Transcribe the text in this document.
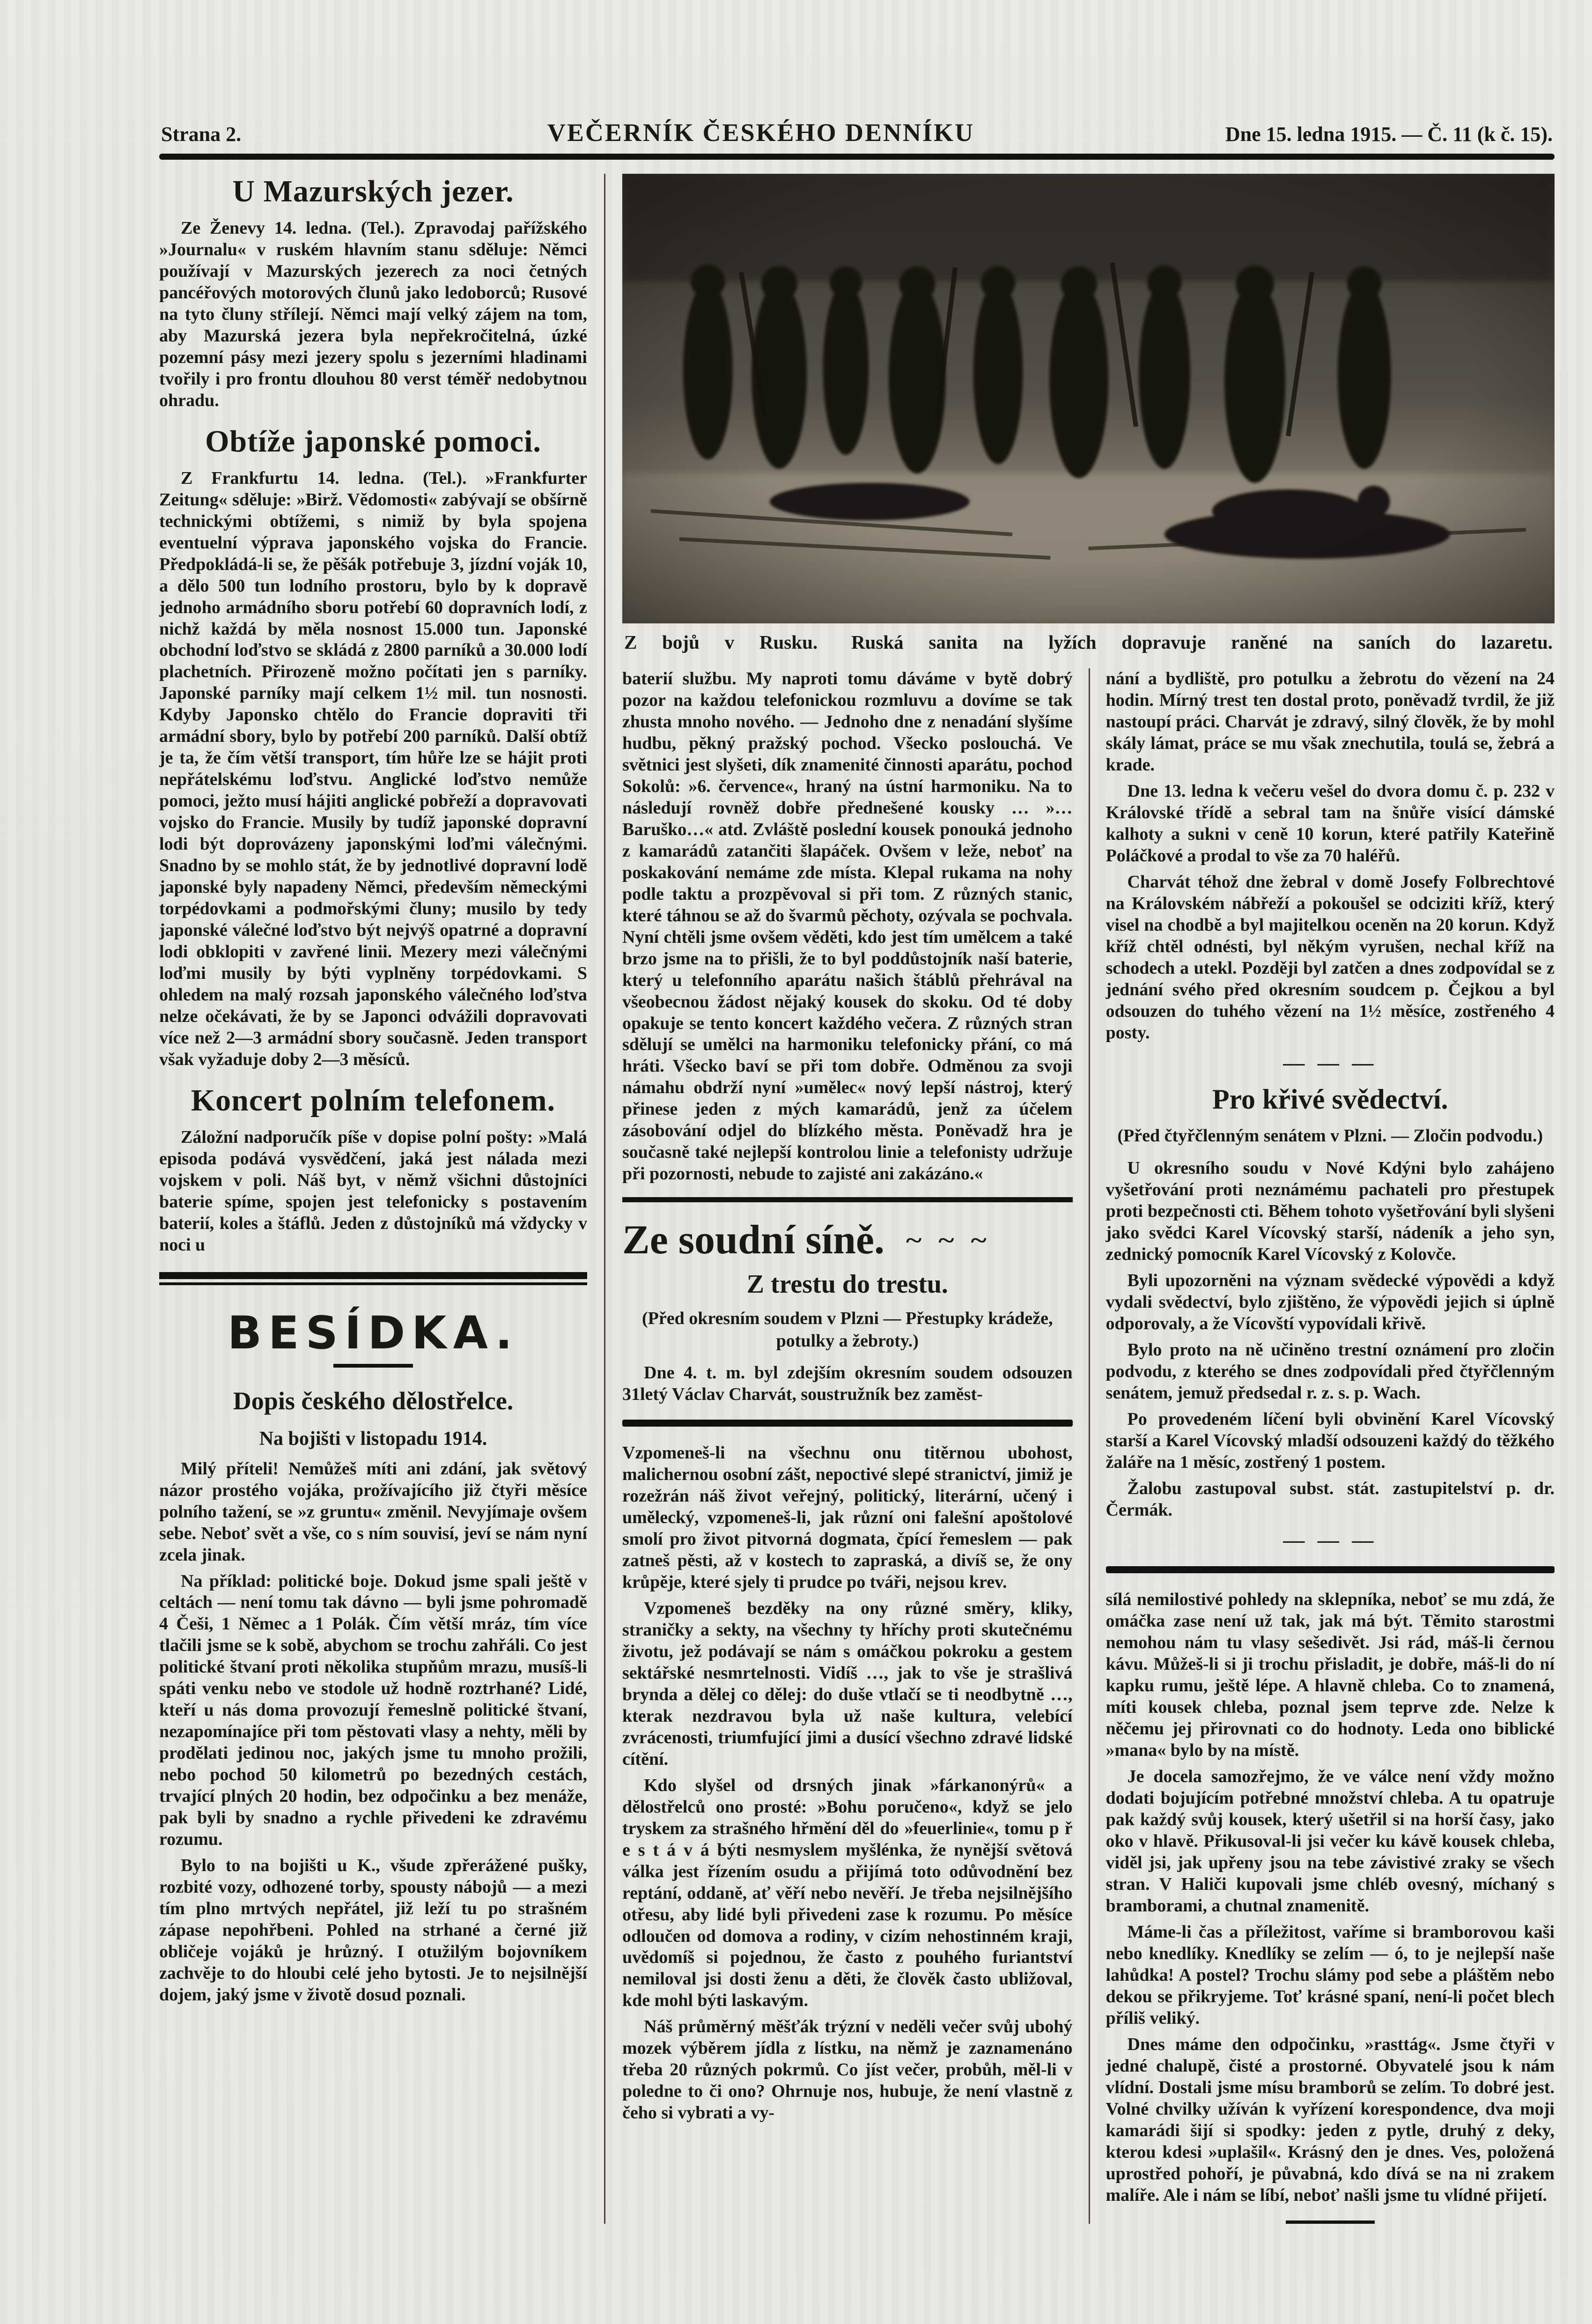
Strana 2.	VEČERNÍK ČESKÉHO DENNÍKU	Dne 15. ledna 1915. — Č. 11 (k č. 15).
U Mazurských jezer.

Ze Ženevy 14. ledna. (Tel.). Zpravodaj pařížského »Journalu« v ruském hlavním stanu sděluje: Němci používají v Mazurských jezerech za noci četných pancéřových motorových člunů jako ledoborců; Rusové na tyto čluny střílejí. Němci mají velký zájem na tom, aby Mazurská jezera byla nepřekročitelná, úzké pozemní pásy mezi jezery spolu s jezerními hladinami tvořily i pro frontu dlouhou 80 verst téměř nedobytnou ohradu.

Obtíže japonské pomoci.

Z Frankfurtu 14. ledna. (Tel.). »Frankfurter Zeitung« sděluje: »Birž. Vědomosti« zabývají se obšírně technickými obtížemi, s nimiž by byla spojena eventuelní výprava japonského vojska do Francie. Předpokládá-li se, že pěšák potřebuje 3, jízdní voják 10, a dělo 500 tun lodního prostoru, bylo by k dopravě jednoho armádního sboru potřebí 60 dopravních lodí, z nichž každá by měla nosnost 15.000 tun. Japonské obchodní loďstvo se skládá z 2800 parníků a 30.000 lodí plachetních. Přirozeně možno počítati jen s parníky. Japonské parníky mají celkem 1½ mil. tun nosnosti. Kdyby Japonsko chtělo do Francie dopraviti tři armádní sbory, bylo by potřebí 200 parníků. Další obtíž je ta, že čím větší transport, tím hůře lze se hájit proti nepřátelskému loďstvu. Anglické loďstvo nemůže pomoci, ježto musí hájiti anglické pobřeží a dopravovati vojsko do Francie. Musily by tudíž japonské dopravní lodi být doprovázeny japonskými loďmi válečnými. Snadno by se mohlo stát, že by jednotlivé dopravní lodě japonské byly napadeny Němci, především německými torpédovkami a podmořskými čluny; musilo by tedy japonské válečné loďstvo být nejvýš opatrné a dopravní lodi obklopiti v zavřené linii. Mezery mezi válečnými loďmi musily by býti vyplněny torpédovkami. S ohledem na malý rozsah japonského válečného loďstva nelze očekávati, že by se Japonci odvážili dopravovati více než 2—3 armádní sbory současně. Jeden transport však vyžaduje doby 2—3 měsíců.

Koncert polním telefonem.

Záložní nadporučík píše v dopise polní pošty: »Malá episoda podává vysvědčení, jaká jest nálada mezi vojskem v poli. Náš byt, v němž všichni důstojníci baterie spíme, spojen jest telefonicky s postavením baterií, koles a štáflů. Jeden z důstojníků má vždycky v noci u

BESÍDKA.
Dopis českého dělostřelce.
Na bojišti v listopadu 1914.

Milý příteli! Nemůžeš míti ani zdání, jak světový názor prostého vojáka, prožívajícího již čtyři měsíce polního tažení, se »z gruntu« změnil. Nevyjímaje ovšem sebe. Neboť svět a vše, co s ním souvisí, jeví se nám nyní zcela jinak.

Na příklad: politické boje. Dokud jsme spali ještě v celtách — není tomu tak dávno — byli jsme pohromadě 4 Češi, 1 Němec a 1 Polák. Čím větší mráz, tím více tlačili jsme se k sobě, abychom se trochu zahřáli. Co jest politické štvaní proti několika stupňům mrazu, musíš-li spáti venku nebo ve stodole už hodně roztrhané? Lidé, kteří u nás doma provozují řemeslně politické štvaní, nezapomínajíce při tom pěstovati vlasy a nehty, měli by prodělati jedinou noc, jakých jsme tu mnoho prožili, nebo pochod 50 kilometrů po bezedných cestách, trvající plných 20 hodin, bez odpočinku a bez menáže, pak byli by snadno a rychle přivedeni ke zdravému rozumu.

Bylo to na bojišti u K., všude zpřerážené pušky, rozbité vozy, odhozené torby, spousty nábojů — a mezi tím plno mrtvých nepřátel, již leží tu po strašném zápase nepohřbeni. Pohled na strhané a černé již obličeje vojáků je hrůzný. I otužilým bojovníkem zachvěje to do hloubi celé jeho bytosti. Je to nejsilnější dojem, jaký jsme v životě dosud poznali.

Z bojů v Rusku. Ruská sanita na lyžích dopravuje raněné na saních do lazaretu.

baterií službu. My naproti tomu dáváme v bytě dobrý pozor na každou telefonickou rozmluvu a dovíme se tak zhusta mnoho nového. — Jednoho dne z nenadání slyšíme hudbu, pěkný pražský pochod. Všecko poslouchá. Ve světnici jest slyšeti, dík znamenité činnosti aparátu, pochod Sokolů: »6. července«, hraný na ústní harmoniku. Na to následují rovněž dobře přednešené kousky … »… Baruško…« atd. Zvláště poslední kousek ponouká jednoho z kamarádů zatančiti šlapáček. Ovšem v leže, neboť na poskakování nemáme zde místa. Klepal rukama na nohy podle taktu a prozpěvoval si při tom. Z různých stanic, které táhnou se až do švarmů pěchoty, ozývala se pochvala. Nyní chtěli jsme ovšem věděti, kdo jest tím umělcem a také brzo jsme na to přišli, že to byl poddůstojník naší baterie, který u telefonního aparátu našich štáblů přehrával na všeobecnou žádost nějaký kousek do skoku. Od té doby opakuje se tento koncert každého večera. Z různých stran sdělují se umělci na harmoniku telefonicky přání, co má hráti. Všecko baví se při tom dobře. Odměnou za svoji námahu obdrží nyní »umělec« nový lepší nástroj, který přinese jeden z mých kamarádů, jenž za účelem zásobování odjel do blízkého města. Poněvadž hra je současně také nejlepší kontrolou linie a telefonisty udržuje při pozornosti, nebude to zajisté ani zakázáno.«

Ze soudní síně. ~ ~ ~
Z trestu do trestu.

(Před okresním soudem v Plzni — Přestupky krádeže, potulky a žebroty.)

Dne 4. t. m. byl zdejším okresním soudem odsouzen 31letý Václav Charvát, soustružník bez zaměst-

Vzpomeneš-li na všechnu onu titěrnou ubohost, malichernou osobní zášt, nepoctivé slepé stranictví, jimiž je rozežrán náš život veřejný, politický, literární, učený i umělecký, vzpomeneš-li, jak různí oni falešní apoštolové smolí pro život pitvorná dogmata, čpící řemeslem — pak zatneš pěsti, až v kostech to zapraská, a divíš se, že ony krůpěje, které sjely ti prudce po tváři, nejsou krev.

Vzpomeneš bezděky na ony různé směry, kliky, straničky a sekty, na všechny ty hříchy proti skutečnému životu, jež podávají se nám s omáčkou pokroku a gestem sektářské nesmrtelnosti. Vidíš …, jak to vše je strašlivá brynda a dělej co dělej: do duše vtlačí se ti neodbytně …, kterak nezdravou byla už naše kultura, velebící zvrácenosti, triumfující jimi a dusící všechno zdravé lidské cítění.

Kdo slyšel od drsných jinak »fárkanonýrů« a dělostřelců ono prosté: »Bohu poručeno«, když se jelo tryskem za strašného hřmění děl do »feuerlinie«, tomu p ř e s t á v á býti nesmyslem myšlénka, že nynější světová válka jest řízením osudu a přijímá toto odůvodnění bez reptání, oddaně, ať věří nebo nevěří. Je třeba nejsilnějšího otřesu, aby lidé byli přivedeni zase k rozumu. Po měsíce odloučen od domova a rodiny, v cizím nehostinném kraji, uvědomíš si pojednou, že často z pouhého furiantství nemiloval jsi dosti ženu a děti, že člověk často ubližoval, kde mohl býti laskavým.

Náš průměrný měšťák trýzní v neděli večer svůj ubohý mozek výběrem jídla z lístku, na němž je zaznamenáno třeba 20 různých pokrmů. Co jíst večer, probůh, měl-li v poledne to či ono? Ohrnuje nos, hubuje, že není vlastně z čeho si vybrati a vy-

nání a bydliště, pro potulku a žebrotu do vězení na 24 hodin. Mírný trest ten dostal proto, poněvadž tvrdil, že již nastoupí práci. Charvát je zdravý, silný člověk, že by mohl skály lámat, práce se mu však znechutila, toulá se, žebrá a krade.

Dne 13. ledna k večeru vešel do dvora domu č. p. 232 v Královské třídě a sebral tam na šnůře visící dámské kalhoty a sukni v ceně 10 korun, které patřily Kateřině Poláčkové a prodal to vše za 70 haléřů.

Charvát téhož dne žebral v domě Josefy Folbrechtové na Královském nábřeží a pokoušel se odciziti kříž, který visel na chodbě a byl majitelkou oceněn na 20 korun. Když kříž chtěl odnésti, byl někým vyrušen, nechal kříž na schodech a utekl. Později byl zatčen a dnes zodpovídal se z jednání svého před okresním soudcem p. Čejkou a byl odsouzen do tuhého vězení na 1½ měsíce, zostřeného 4 posty.

— — —
Pro křivé svědectví.

(Před čtyřčlenným senátem v Plzni. — Zločin podvodu.)

U okresního soudu v Nové Kdýni bylo zahájeno vyšetřování proti neznámému pachateli pro přestupek proti bezpečnosti cti. Během tohoto vyšetřování byli slyšeni jako svědci Karel Vícovský starší, nádeník a jeho syn, zednický pomocník Karel Vícovský z Kolovče.

Byli upozorněni na význam svědecké výpovědi a když vydali svědectví, bylo zjištěno, že výpovědi jejich si úplně odporovaly, a že Vícovští vypovídali křivě.

Bylo proto na ně učiněno trestní oznámení pro zločin podvodu, z kterého se dnes zodpovídali před čtyřčlenným senátem, jemuž předsedal r. z. s. p. Wach.

Po provedeném líčení byli obvinění Karel Vícovský starší a Karel Vícovský mladší odsouzeni každý do těžkého žaláře na 1 měsíc, zostřený 1 postem.

Žalobu zastupoval subst. stát. zastupitelství p. dr. Čermák.

— — —

sílá nemilostivé pohledy na sklepníka, neboť se mu zdá, že omáčka zase není už tak, jak má být. Těmito starostmi nemohou nám tu vlasy sešedivět. Jsi rád, máš-li černou kávu. Můžeš-li si ji trochu přisladit, je dobře, máš-li do ní kapku rumu, ještě lépe. A hlavně chleba. Co to znamená, míti kousek chleba, poznal jsem teprve zde. Nelze k něčemu jej přirovnati co do hodnoty. Leda ono biblické »mana« bylo by na místě.

Je docela samozřejmo, že ve válce není vždy možno dodati bojujícím potřebné množství chleba. A tu opatruje pak každý svůj kousek, který ušetřil si na horší časy, jako oko v hlavě. Přikusoval-li jsi večer ku kávě kousek chleba, viděl jsi, jak upřeny jsou na tebe závistivé zraky se všech stran. V Haliči kupovali jsme chléb ovesný, míchaný s bramborami, a chutnal znamenitě.

Máme-li čas a příležitost, vaříme si bramborovou kaši nebo knedlíky. Knedlíky se zelím — ó, to je nejlepší naše lahůdka! A postel? Trochu slámy pod sebe a pláštěm nebo dekou se přikryjeme. Toť krásné spaní, není-li počet blech příliš veliký.

Dnes máme den odpočinku, »rasttág«. Jsme čtyři v jedné chalupě, čisté a prostorné. Obyvatelé jsou k nám vlídní. Dostali jsme mísu bramborů se zelím. To dobré jest. Volné chvilky užíván k vyřízení korespondence, dva moji kamarádi šijí si spodky: jeden z pytle, druhý z deky, kterou kdesi »uplašil«. Krásný den je dnes. Ves, položená uprostřed pohoří, je půvabná, kdo dívá se na ni zrakem malíře. Ale i nám se líbí, neboť našli jsme tu vlídné přijetí.
